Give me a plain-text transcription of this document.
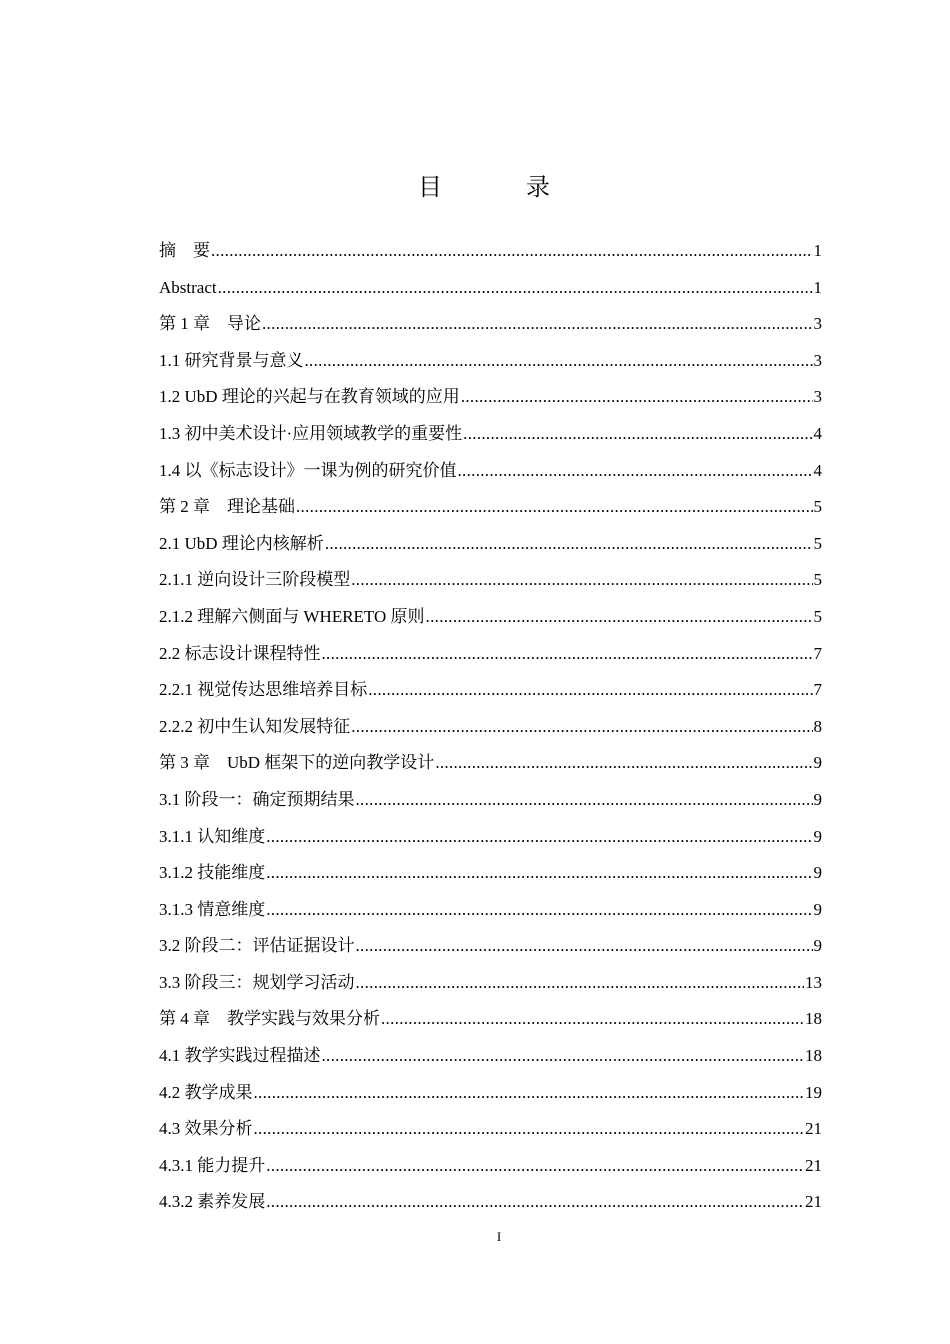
目　录
摘　要 .....	1
Abstract .....	1
第 1 章　导论 .....	3
1.1 研究背景与意义 .....	3
1.2 UbD 理论的兴起与在教育领域的应用 .....	3
1.3 初中美术设计·应用领域教学的重要性 .....	4
1.4 以《标志设计》一课为例的研究价值 .....	4
第 2 章　理论基础 .....	5
2.1 UbD 理论内核解析 .....	5
2.1.1 逆向设计三阶段模型 .....	5
2.1.2 理解六侧面与 WHERETO 原则 .....	5
2.2 标志设计课程特性 .....	7
2.2.1 视觉传达思维培养目标 .....	7
2.2.2 初中生认知发展特征 .....	8
第 3 章　UbD 框架下的逆向教学设计 .....	9
3.1 阶段一：确定预期结果 .....	9
3.1.1 认知维度 .....	9
3.1.2 技能维度 .....	9
3.1.3 情意维度 .....	9
3.2 阶段二：评估证据设计 .....	9
3.3 阶段三：规划学习活动 .....	13
第 4 章　教学实践与效果分析 .....	18
4.1 教学实践过程描述 .....	18
4.2 教学成果 .....	19
4.3 效果分析 .....	21
4.3.1 能力提升 .....	21
4.3.2 素养发展 .....	21
I
